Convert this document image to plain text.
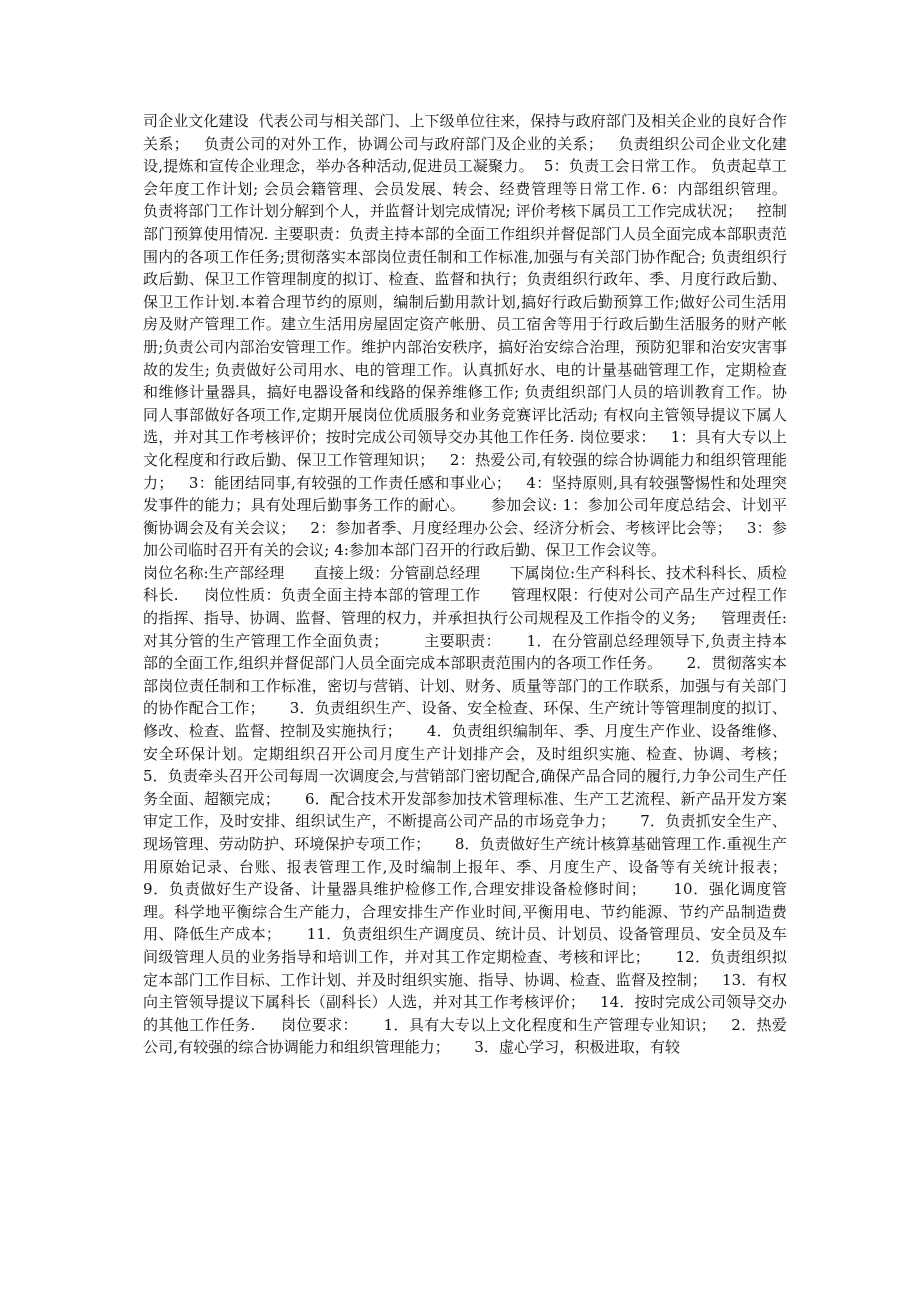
司企业文化建设  代表公司与相关部门、上下级单位往来，保持与政府部门及相关企业的良好合作关系；   负责公司的对外工作，协调公司与政府部门及企业的关系；   负责组织公司企业文化建设,提炼和宣传企业理念，举办各种活动,促进员工凝聚力。  5：负责工会日常工作。 负责起草工会年度工作计划; 会员会籍管理、会员发展、转会、经费管理等日常工作. 6：内部组织管理。   负责将部门工作计划分解到个人，并监督计划完成情况; 评价考核下属员工工作完成状况；   控制部门预算使用情况. 主要职责：负责主持本部的全面工作组织并督促部门人员全面完成本部职责范围内的各项工作任务;贯彻落实本部岗位责任制和工作标准,加强与有关部门协作配合; 负责组织行政后勤、保卫工作管理制度的拟订、检查、监督和执行；负责组织行政年、季、月度行政后勤、保卫工作计划.本着合理节约的原则，编制后勤用款计划,搞好行政后勤预算工作;做好公司生活用房及财产管理工作。建立生活用房屋固定资产帐册、员工宿舍等用于行政后勤生活服务的财产帐册;负责公司内部治安管理工作。维护内部治安秩序，搞好治安综合治理，预防犯罪和治安灾害事故的发生; 负责做好公司用水、电的管理工作。认真抓好水、电的计量基础管理工作，定期检查和维修计量器具，搞好电器设备和线路的保养维修工作; 负责组织部门人员的培训教育工作。协同人事部做好各项工作,定期开展岗位优质服务和业务竞赛评比活动; 有权向主管领导提议下属人选，并对其工作考核评价；按时完成公司领导交办其他工作任务. 岗位要求：   1：具有大专以上文化程度和行政后勤、保卫工作管理知识；   2：热爱公司,有较强的综合协调能力和组织管理能力；   3：能团结同事,有较强的工作责任感和事业心；   4：坚持原则,具有较强警惕性和处理突发事件的能力；具有处理后勤事务工作的耐心。     参加会议: 1：参加公司年度总结会、计划平衡协调会及有关会议；   2：参加者季、月度经理办公会、经济分析会、考核评比会等；   3：参加公司临时召开有关的会议; 4:参加本部门召开的行政后勤、保卫工作会议等。

岗位名称:生产部经理      直接上级：分管副总经理      下属岗位:生产科科长、技术科科长、质检科长.     岗位性质：负责全面主持本部的管理工作      管理权限：行使对公司产品生产过程工作的指挥、指导、协调、监督、管理的权力，并承担执行公司规程及工作指令的义务;     管理责任:对其分管的生产管理工作全面负责；       主要职责：     1．在分管副总经理领导下,负责主持本部的全面工作,组织并督促部门人员全面完成本部职责范围内的各项工作任务。     2．贯彻落实本部岗位责任制和工作标准，密切与营销、计划、财务、质量等部门的工作联系，加强与有关部门的协作配合工作；     3．负责组织生产、设备、安全检查、环保、生产统计等管理制度的拟订、修改、检查、监督、控制及实施执行；     4．负责组织编制年、季、月度生产作业、设备维修、安全环保计划。定期组织召开公司月度生产计划排产会，及时组织实施、检查、协调、考核；     5．负责牵头召开公司每周一次调度会,与营销部门密切配合,确保产品合同的履行,力争公司生产任务全面、超额完成；     6．配合技术开发部参加技术管理标准、生产工艺流程、新产品开发方案审定工作，及时安排、组织试生产，不断提高公司产品的市场竞争力；     7．负责抓安全生产、现场管理、劳动防护、环境保护专项工作；     8．负责做好生产统计核算基础管理工作.重视生产用原始记录、台账、报表管理工作,及时编制上报年、季、月度生产、设备等有关统计报表；     9．负责做好生产设备、计量器具维护检修工作,合理安排设备检修时间；     10．强化调度管理。科学地平衡综合生产能力，合理安排生产作业时间,平衡用电、节约能源、节约产品制造费用、降低生产成本；     11．负责组织生产调度员、统计员、计划员、设备管理员、安全员及车间级管理人员的业务指导和培训工作，并对其工作定期检查、考核和评比；     12．负责组织拟定本部门工作目标、工作计划、并及时组织实施、指导、协调、检查、监督及控制；   13．有权向主管领导提议下属科长（副科长）人选，并对其工作考核评价；   14．按时完成公司领导交办的其他工作任务.     岗位要求：     1．具有大专以上文化程度和生产管理专业知识；   2．热爱公司,有较强的综合协调能力和组织管理能力；     3．虚心学习，积极进取，有较
